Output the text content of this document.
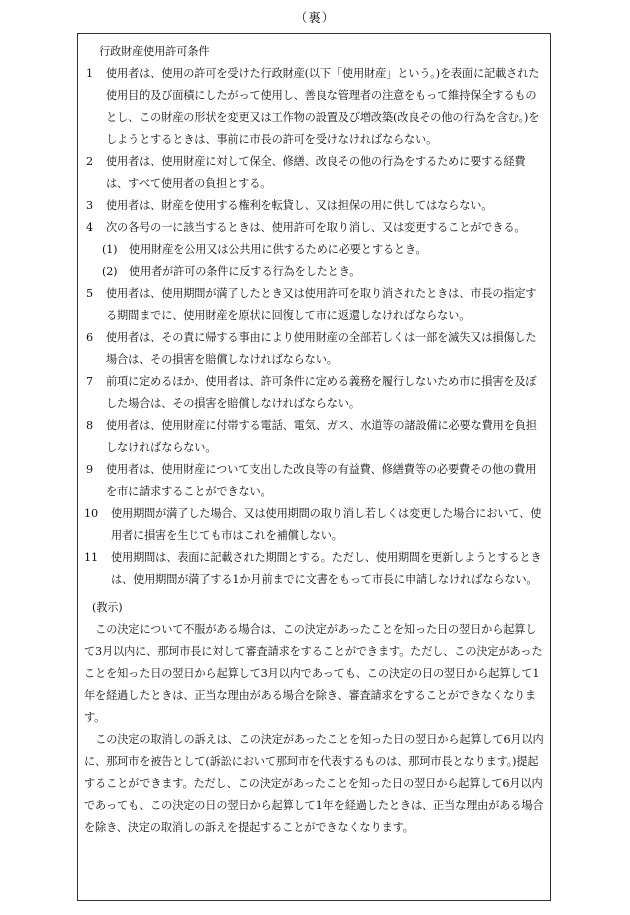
（裏）
行政財産使用許可条件
1 使用者は、使用の許可を受けた行政財産(以下「使用財産」という。)を表面に記載された使用目的及び面積にしたがって使用し、善良な管理者の注意をもって維持保全するものとし、この財産の形状を変更又は工作物の設置及び増改築(改良その他の行為を含む。)をしようとするときは、事前に市長の許可を受けなければならない。
2 使用者は、使用財産に対して保全、修繕、改良その他の行為をするために要する経費は、すべて使用者の負担とする。
3 使用者は、財産を使用する権利を転貸し、又は担保の用に供してはならない。
4 次の各号の一に該当するときは、使用許可を取り消し、又は変更することができる。
(1) 使用財産を公用又は公共用に供するために必要とするとき。
(2) 使用者が許可の条件に反する行為をしたとき。
5 使用者は、使用期間が満了したとき又は使用許可を取り消されたときは、市長の指定する期間までに、使用財産を原状に回復して市に返還しなければならない。
6 使用者は、その責に帰する事由により使用財産の全部若しくは一部を滅失又は損傷した場合は、その損害を賠償しなければならない。
7 前項に定めるほか、使用者は、許可条件に定める義務を履行しないため市に損害を及ぼした場合は、その損害を賠償しなければならない。
8 使用者は、使用財産に付帯する電話、電気、ガス、水道等の諸設備に必要な費用を負担しなければならない。
9 使用者は、使用財産について支出した改良等の有益費、修繕費等の必要費その他の費用を市に請求することができない。
10 使用期間が満了した場合、又は使用期間の取り消し若しくは変更した場合において、使用者に損害を生じても市はこれを補償しない。
11 使用期間は、表面に記載された期間とする。ただし、使用期間を更新しようとするときは、使用期間が満了する1か月前までに文書をもって市長に申請しなければならない。
(教示)
この決定について不服がある場合は、この決定があったことを知った日の翌日から起算して3月以内に、那珂市長に対して審査請求をすることができます。ただし、この決定があったことを知った日の翌日から起算して3月以内であっても、この決定の日の翌日から起算して1年を経過したときは、正当な理由がある場合を除き、審査請求をすることができなくなります。
この決定の取消しの訴えは、この決定があったことを知った日の翌日から起算して6月以内に、那珂市を被告として(訴訟において那珂市を代表するものは、那珂市長となります。)提起することができます。ただし、この決定があったことを知った日の翌日から起算して6月以内であっても、この決定の日の翌日から起算して1年を経過したときは、正当な理由がある場合を除き、決定の取消しの訴えを提起することができなくなります。
